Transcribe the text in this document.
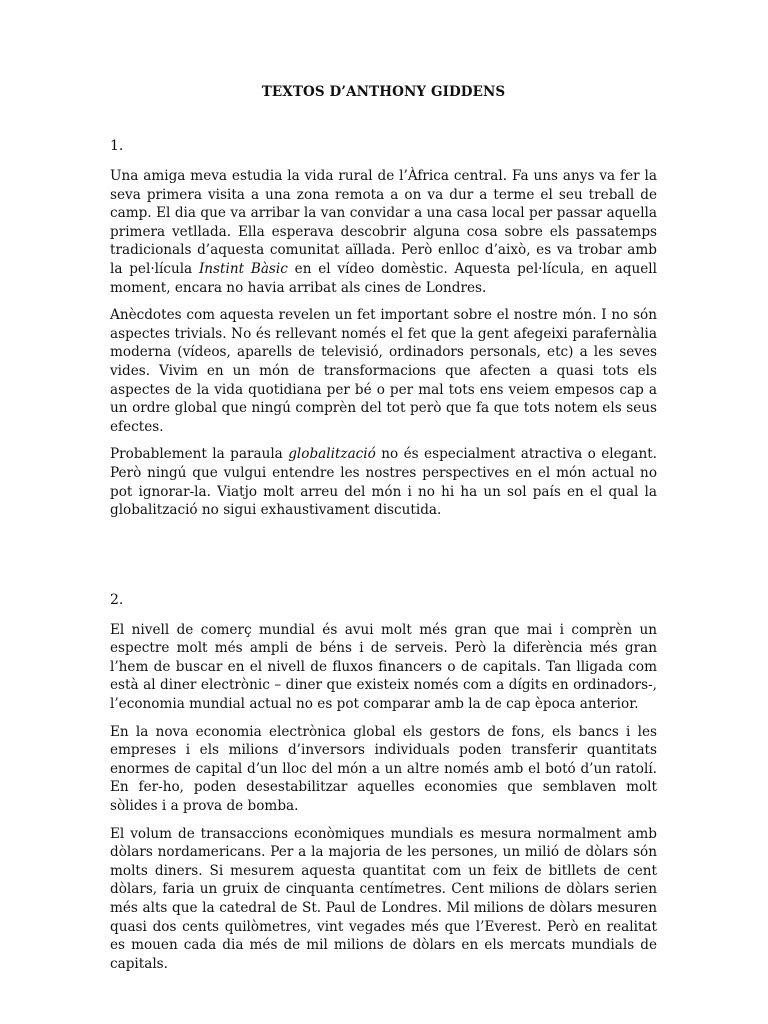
TEXTOS D’ANTHONY GIDDENS
1.

Una amiga meva estudia la vida rural de l’Àfrica central. Fa uns anys va fer la seva primera visita a una zona remota a on va dur a terme el seu treball de camp. El dia que va arribar la van convidar a una casa local per passar aquella primera vetllada. Ella esperava descobrir alguna cosa sobre els passatemps tradicionals d’aquesta comunitat aïllada. Però enlloc d’això, es va trobar amb la pel·lícula Instint Bàsic en el vídeo domèstic. Aquesta pel·lícula, en aquell moment, encara no havia arribat als cines de Londres.

Anècdotes com aquesta revelen un fet important sobre el nostre món. I no són aspectes trivials. No és rellevant només el fet que la gent afegeixi parafernàlia moderna (vídeos, aparells de televisió, ordinadors personals, etc) a les seves vides. Vivim en un món de transformacions que afecten a quasi tots els aspectes de la vida quotidiana per bé o per mal tots ens veiem empesos cap a un ordre global que ningú comprèn del tot però que fa que tots notem els seus efectes.

Probablement la paraula globalització no és especialment atractiva o elegant. Però ningú que vulgui entendre les nostres perspectives en el món actual no pot ignorar-la. Viatjo molt arreu del món i no hi ha un sol país en el qual la globalització no sigui exhaustivament discutida.

2.

El nivell de comerç mundial és avui molt més gran que mai i comprèn un espectre molt més ampli de béns i de serveis. Però la diferència més gran l’hem de buscar en el nivell de fluxos financers o de capitals. Tan lligada com està al diner electrònic – diner que existeix només com a dígits en ordinadors-, l’economia mundial actual no es pot comparar amb la de cap època anterior.

En la nova economia electrònica global els gestors de fons, els bancs i les empreses i els milions d’inversors individuals poden transferir quantitats enormes de capital d’un lloc del món a un altre només amb el botó d’un ratolí. En fer-ho, poden desestabilitzar aquelles economies que semblaven molt sòlides i a prova de bomba.

El volum de transaccions econòmiques mundials es mesura normalment amb dòlars nordamericans. Per a la majoria de les persones, un milió de dòlars són molts diners. Si mesurem aquesta quantitat com un feix de bitllets de cent dòlars, faria un gruix de cinquanta centímetres. Cent milions de dòlars serien més alts que la catedral de St. Paul de Londres. Mil milions de dòlars mesuren quasi dos cents quilòmetres, vint vegades més que l’Everest. Però en realitat es mouen cada dia més de mil milions de dòlars en els mercats mundials de capitals.
